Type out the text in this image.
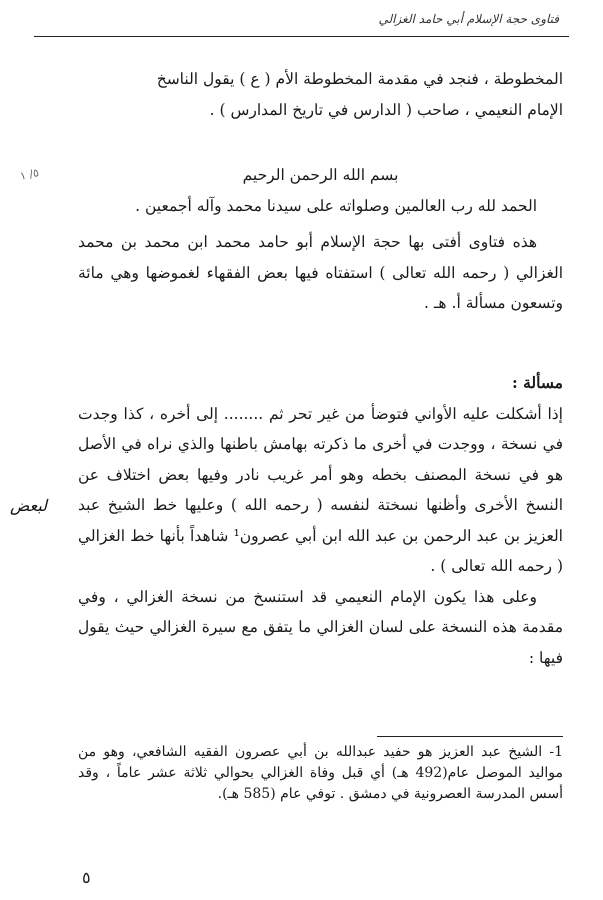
فتاوى حجة الإسلام أبي حامد الغزالي

المخطوطة ، فنجد في مقدمة المخطوطة الأم ( ع ) يقول الناسخ

الإمام النعيمي ، صاحب ( الدارس في تاريخ المدارس ) .

٥/ ١	بسم الله الرحمن الرحيم

الحمد لله رب العالمين وصلواته على سيدنا محمد وآله أجمعين .

هذه فتاوى أفتى بها حجة الإسلام أبو حامد محمد ابن محمد بن محمد الغزالي ( رحمه الله تعالى ) استفتاه فيها بعض الفقهاء لغموضها وهي مائة وتسعون مسألة أ. هـ .

مسألة :

إذا أشكلت عليه الأواني فتوضأ من غير تحر ثم ........ إلى أخره ، كذا وجدت في نسخة ، ووجدت في أخرى ما ذكرته بهامش باطنها والذي نراه في الأصل هو في نسخة المصنف بخطه وهو أمر غريب نادر وفيها بعض اختلاف عن النسخ الأخرى وأظنها نسختة لنفسه ( رحمه الله ) وعليها خط الشيخ عبد العزيز بن عبد الرحمن بن عبد الله ابن أبي عصرون¹ شاهداً بأنها خط الغزالي ( رحمه الله تعالى ) .

وعلى هذا يكون الإمام النعيمي قد استنسخ من نسخة الغزالي ، وفي مقدمة هذه النسخة على لسان الغزالي ما يتفق مع سيرة الغزالي حيث يقول فيها :

لبعض

1- الشيخ عبد العزيز هو حفيد عبدالله بن أبي عصرون الفقيه الشافعي، وهو من مواليد الموصل عام(492 هـ) أي قبل وفاة الغزالي بحوالي ثلاثة عشر عاماً ، وقد أسس المدرسة العصرونية في دمشق . توفي عام (585 هـ).

٥
